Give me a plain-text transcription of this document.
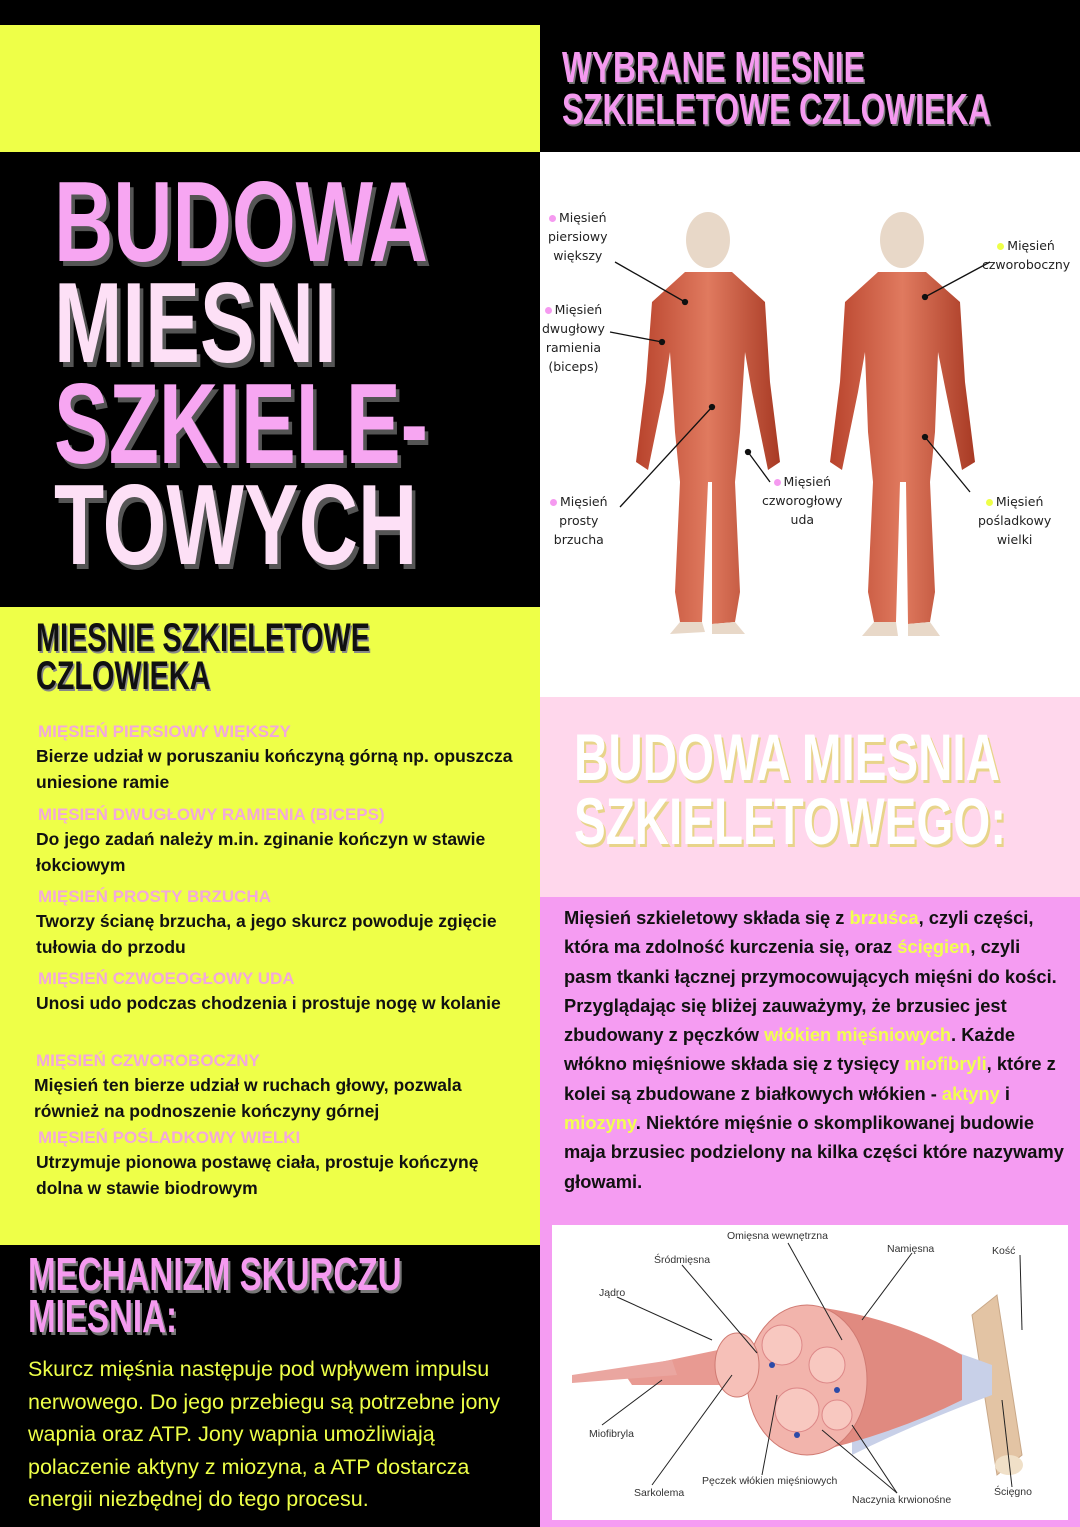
WYBRANE MIESNIE
SZKIELETOWE CZLOWIEKA
BUDOWA
MIESNI
SZKIELE-
TOWYCH
Mięsień
piersiowy
większy
Mięsień
dwugłowy
ramienia
(biceps)
Mięsień
prosty
brzucha
Mięsień
czworogłowy
uda
Mięsień
czworoboczny
Mięsień
pośladkowy
wielki
MIESNIE SZKIELETOWE
CZLOWIEKA
MIĘSIEŃ PIERSIOWY WIĘKSZY
Bierze udział w poruszaniu kończyną górną np. opuszcza uniesione ramie
MIĘSIEŃ DWUGŁOWY RAMIENIA (BICEPS)
Do jego zadań należy m.in. zginanie kończyn w stawie łokciowym
MIĘSIEŃ PROSTY BRZUCHA
Tworzy ścianę brzucha, a jego skurcz powoduje zgięcie tułowia do przodu
MIĘSIEŃ CZWOEOGŁOWY UDA
Unosi udo podczas chodzenia i prostuje nogę w kolanie
MIĘSIEŃ CZWOROBOCZNY
Mięsień ten bierze udział w ruchach głowy, pozwala również na podnoszenie kończyny górnej
MIĘSIEŃ POŚLADKOWY WIELKI
Utrzymuje pionowa postawę ciała, prostuje kończynę dolna w stawie biodrowym
MECHANIZM SKURCZU
MIESNIA:
Skurcz mięśnia następuje pod wpływem impulsu nerwowego. Do jego przebiegu są potrzebne jony wapnia oraz ATP. Jony wapnia umożliwiają polaczenie aktyny z miozyna, a ATP dostarcza energii niezbędnej do tego procesu.
BUDOWA MIESNIA
SZKIELETOWEGO:
Mięsień szkieletowy składa się z brzuśca, czyli części, która ma zdolność kurczenia się, oraz ścięgien, czyli pasm tkanki łącznej przymocowujących mięśni do kości. Przyglądając się bliżej zauważymy, że brzusiec jest zbudowany z pęczków włókien mięśniowych. Każde włókno mięśniowe składa się z tysięcy miofibryli, które z kolei są zbudowane z białkowych włókien - aktyny i miozyny. Niektóre mięśnie o skomplikowanej budowie maja brzusiec podzielony na kilka części które nazywamy głowami.
Omięsna wewnętrzna
Śródmięsna
Namięsna	Kość
Jądro
Miofibryla
Sarkolema
Pęczek włókien mięśniowych
Naczynia krwionośne
Ścięgno
